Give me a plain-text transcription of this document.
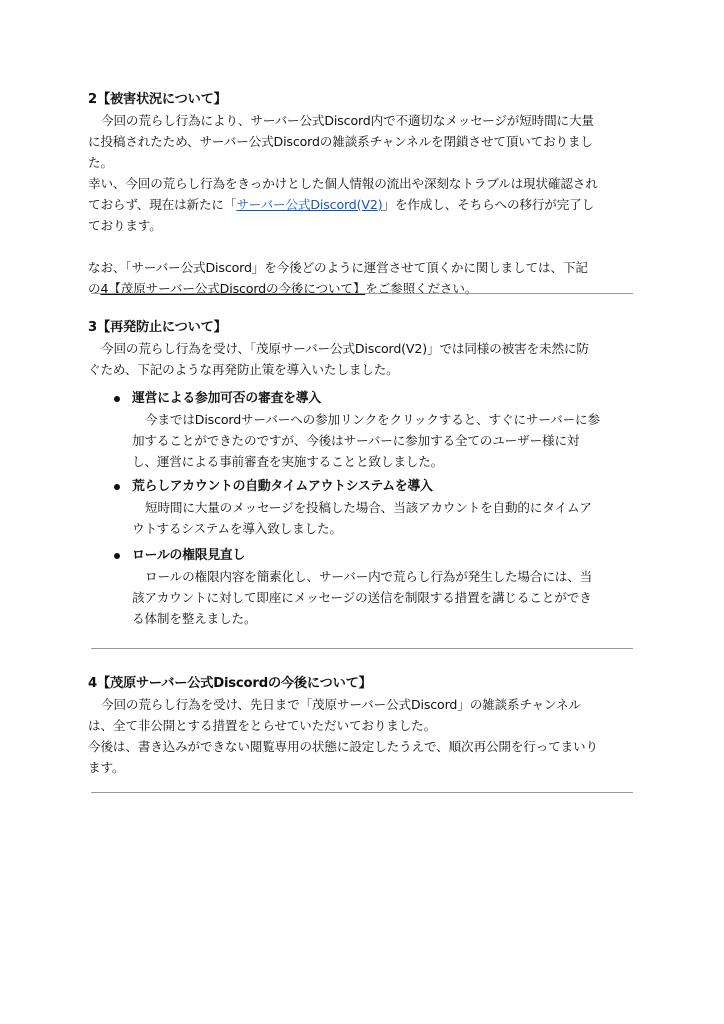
2【被害状況について】
今回の荒らし行為により、サーバー公式Discord内で不適切なメッセージが短時間に大量
に投稿されたため、サーバー公式Discordの雑談系チャンネルを閉鎖させて頂いておりまし
た。
幸い、今回の荒らし行為をきっかけとした個人情報の流出や深刻なトラブルは現状確認され
ておらず、現在は新たに「サーバー公式Discord(V2)」を作成し、そちらへの移行が完了し
ております。
なお、「サーバー公式Discord」を今後どのように運営させて頂くかに関しましては、下記
の4【茂原サーバー公式Discordの今後について】をご参照ください。
3【再発防止について】
今回の荒らし行為を受け、「茂原サーバー公式Discord(V2)」では同様の被害を未然に防
ぐため、下記のような再発防止策を導入いたしました。
運営による参加可否の審査を導入
今まではDiscordサーバーへの参加リンクをクリックすると、すぐにサーバーに参
加することができたのですが、今後はサーバーに参加する全てのユーザー様に対
し、運営による事前審査を実施することと致しました。
荒らしアカウントの自動タイムアウトシステムを導入
短時間に大量のメッセージを投稿した場合、当該アカウントを自動的にタイムア
ウトするシステムを導入致しました。
ロールの権限見直し
ロールの権限内容を簡素化し、サーバー内で荒らし行為が発生した場合には、当
該アカウントに対して即座にメッセージの送信を制限する措置を講じることができ
る体制を整えました。
4【茂原サーバー公式Discordの今後について】
今回の荒らし行為を受け、先日まで「茂原サーバー公式Discord」の雑談系チャンネル
は、全て非公開とする措置をとらせていただいておりました。
今後は、書き込みができない閲覧専用の状態に設定したうえで、順次再公開を行ってまいり
ます。
